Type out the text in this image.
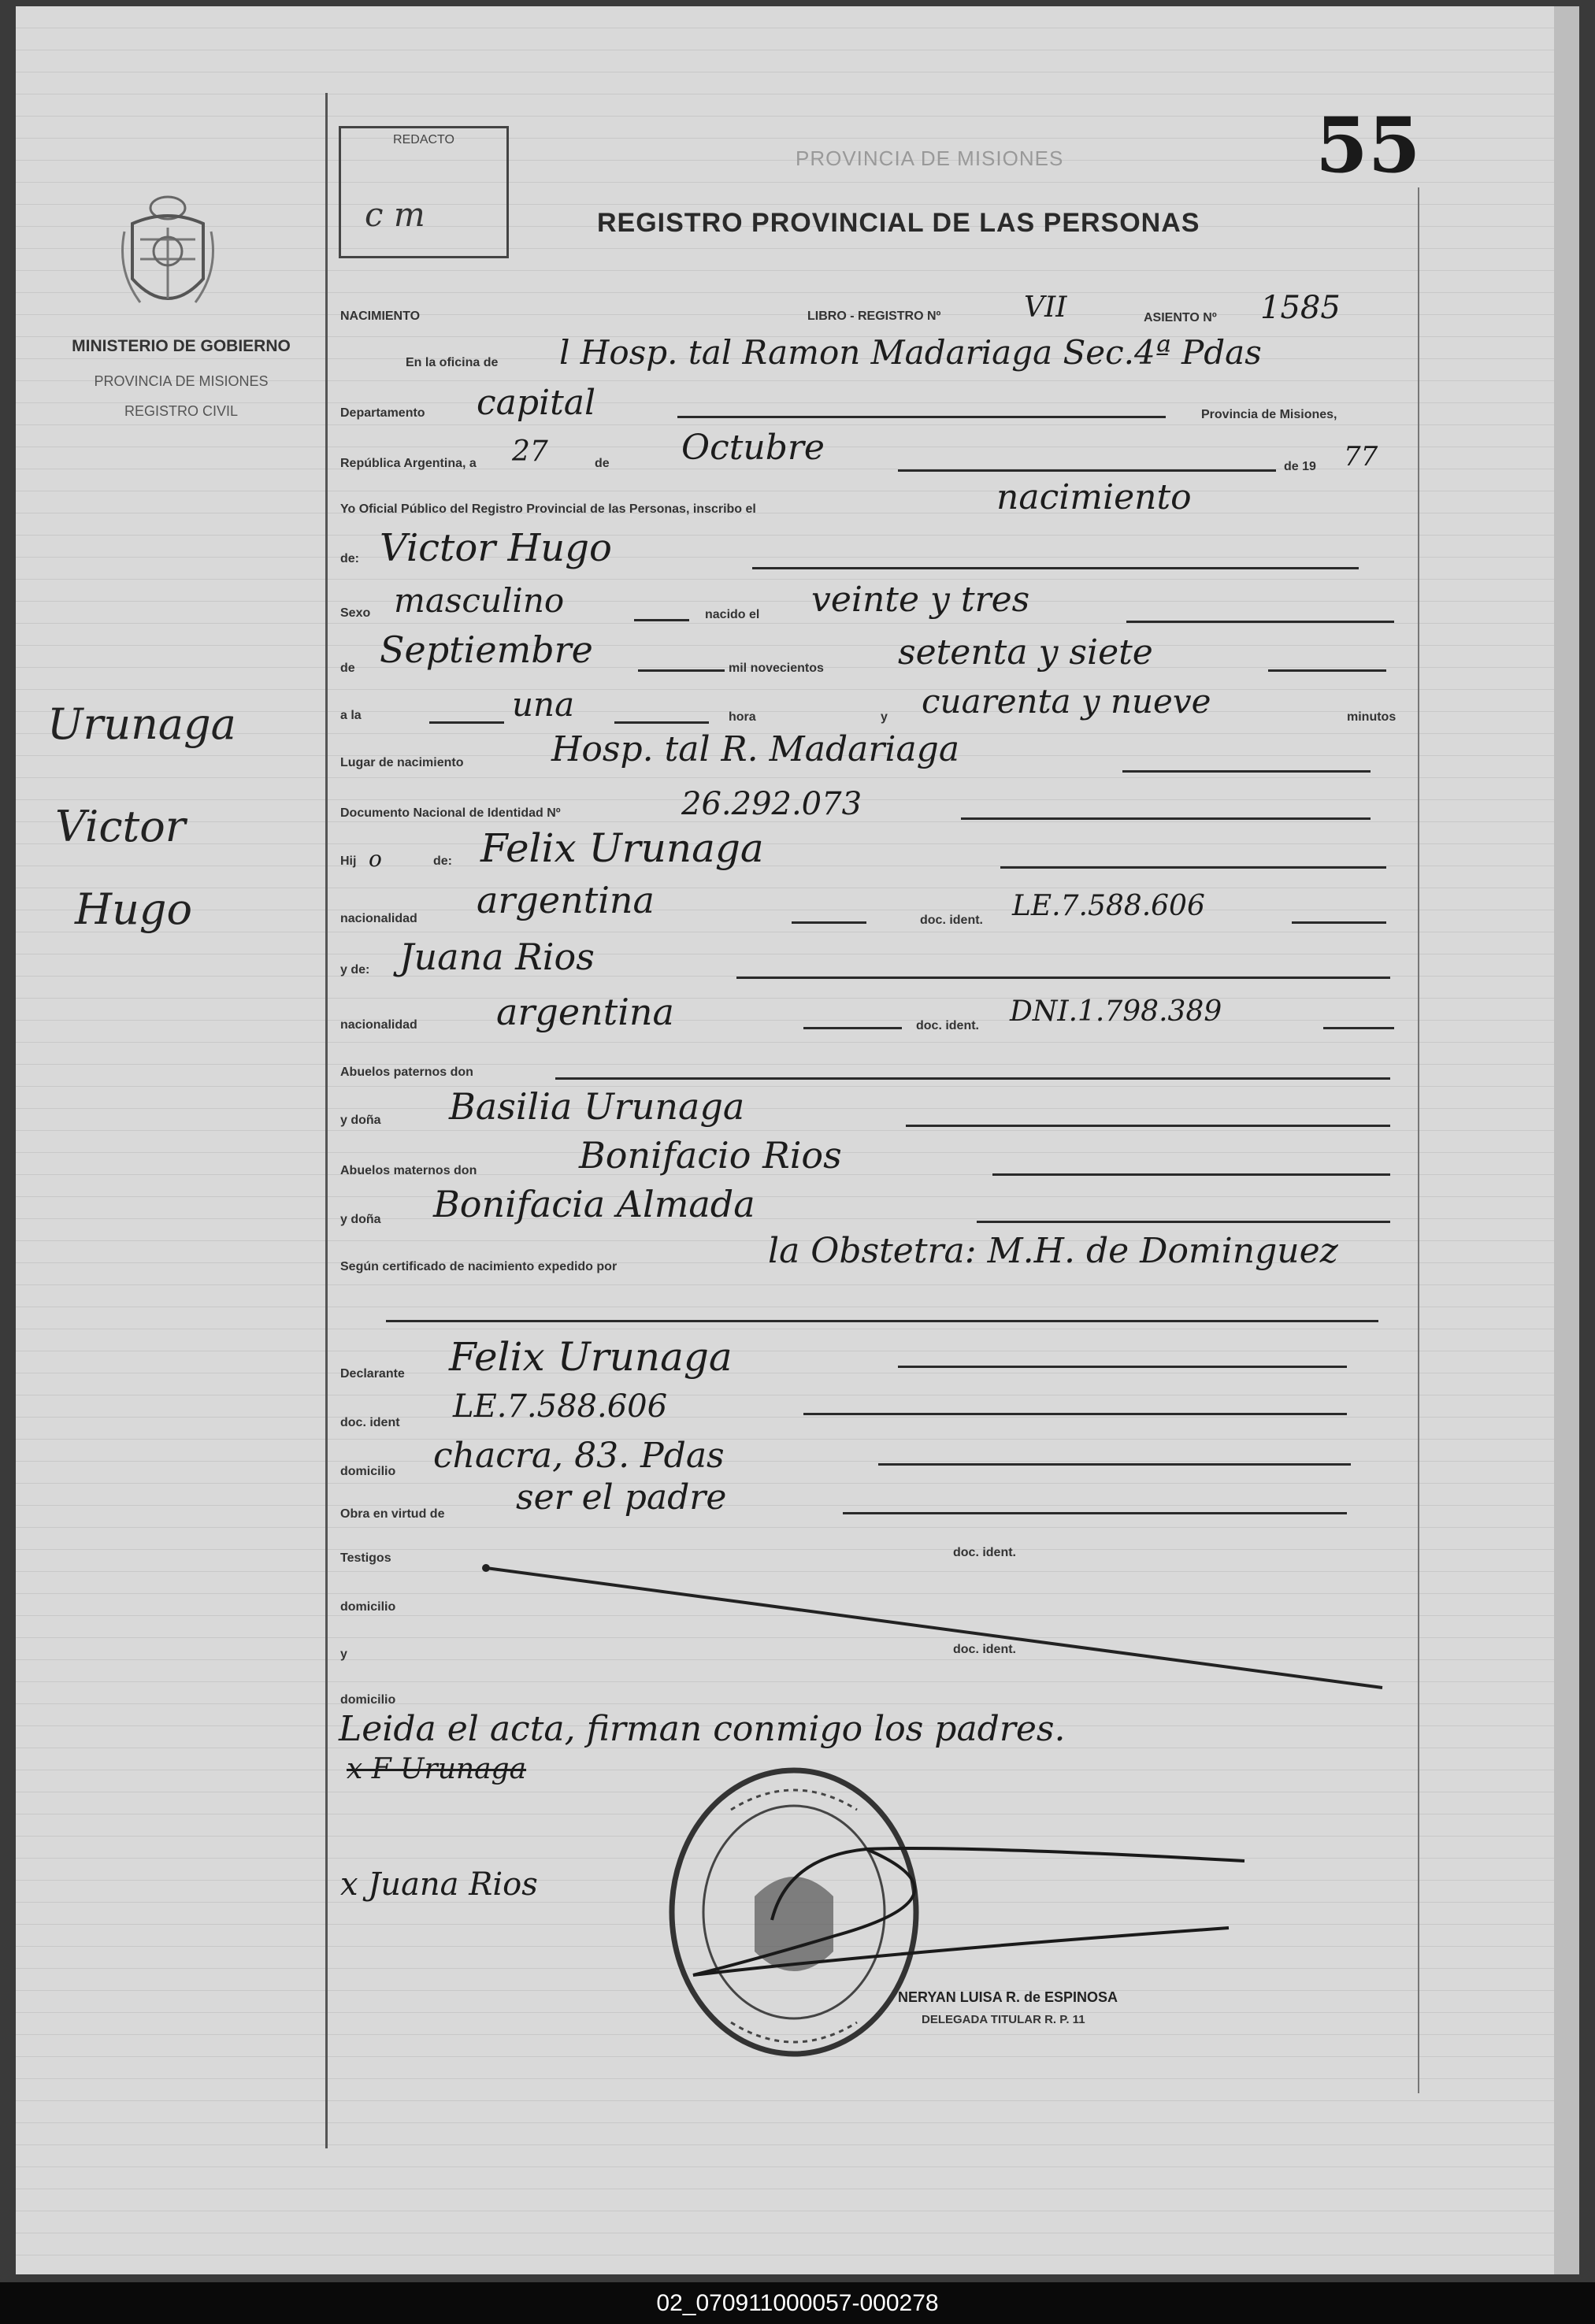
REDACTO
c m
55
PROVINCIA DE MISIONES
REGISTRO PROVINCIAL DE LAS PERSONAS
MINISTERIO DE GOBIERNO
PROVINCIA DE MISIONES
REGISTRO CIVIL
Urunaga
Victor
Hugo
NACIMIENTO	LIBRO - REGISTRO Nº	VII	ASIENTO Nº 1585
En la oficina de l Hosp. tal Ramon Madariaga Sec.4ª Pdas
Departamento capital	Provincia de Misiones,
República Argentina, a 27	de Octubre	de 19 77
Yo Oficial Público del Registro Provincial de las Personas, inscribo el	nacimiento
de: Victor Hugo
Sexo masculino	nacido el veinte y tres
de Septiembre	mil novecientos setenta y siete
a la	una	hora	y cuarenta y nueve	minutos
Lugar de nacimiento	Hosp. tal R. Madariaga
Documento Nacional de Identidad Nº	26.292.073
Hij o	de: Felix Urunaga
nacionalidad argentina	doc. ident. LE.7.588.606
y de: Juana Rios
nacionalidad argentina	doc. ident. DNI.1.798.389
Abuelos paternos don
y doña Basilia Urunaga
Abuelos maternos don	Bonifacio Rios
y doña Bonifacia Almada
Según certificado de nacimiento expedido por	la Obstetra: M.H. de Dominguez
Declarante Felix Urunaga
doc. ident LE.7.588.606
domicilio chacra, 83. Pdas
Obra en virtud de ser el padre
Testigos	doc. ident.
domicilio
y	doc. ident.
domicilio
Leida el acta, firman conmigo los padres.
x F Urunaga
x Juana Rios
NERYAN LUISA R. de ESPINOSA
DELEGADA TITULAR R. P. 11
02_070911000057-000278
